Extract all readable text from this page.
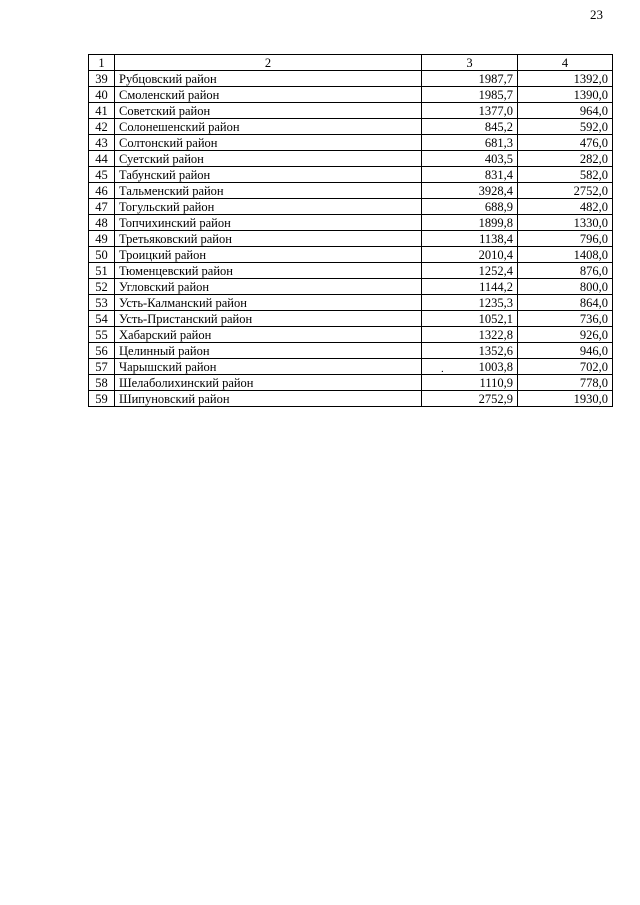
23
1	2	3	4
39	Рубцовский район	1987,7	1392,0
40	Смоленский район	1985,7	1390,0
41	Советский район	1377,0	964,0
42	Солонешенский район	845,2	592,0
43	Солтонский район	681,3	476,0
44	Суетский район	403,5	282,0
45	Табунский район	831,4	582,0
46	Тальменский район	3928,4	2752,0
47	Тогульский район	688,9	482,0
48	Топчихинский район	1899,8	1330,0
49	Третьяковский район	1138,4	796,0
50	Троицкий район	2010,4	1408,0
51	Тюменцевский район	1252,4	876,0
52	Угловский район	1144,2	800,0
53	Усть-Калманский район	1235,3	864,0
54	Усть-Пристанский район	1052,1	736,0
55	Хабарский район	1322,8	926,0
56	Целинный район	1352,6	946,0
57	Чарышский район	1003,8	702,0
58	Шелаболихинский район	1110,9	778,0
59	Шипуновский район	2752,9	1930,0
.
